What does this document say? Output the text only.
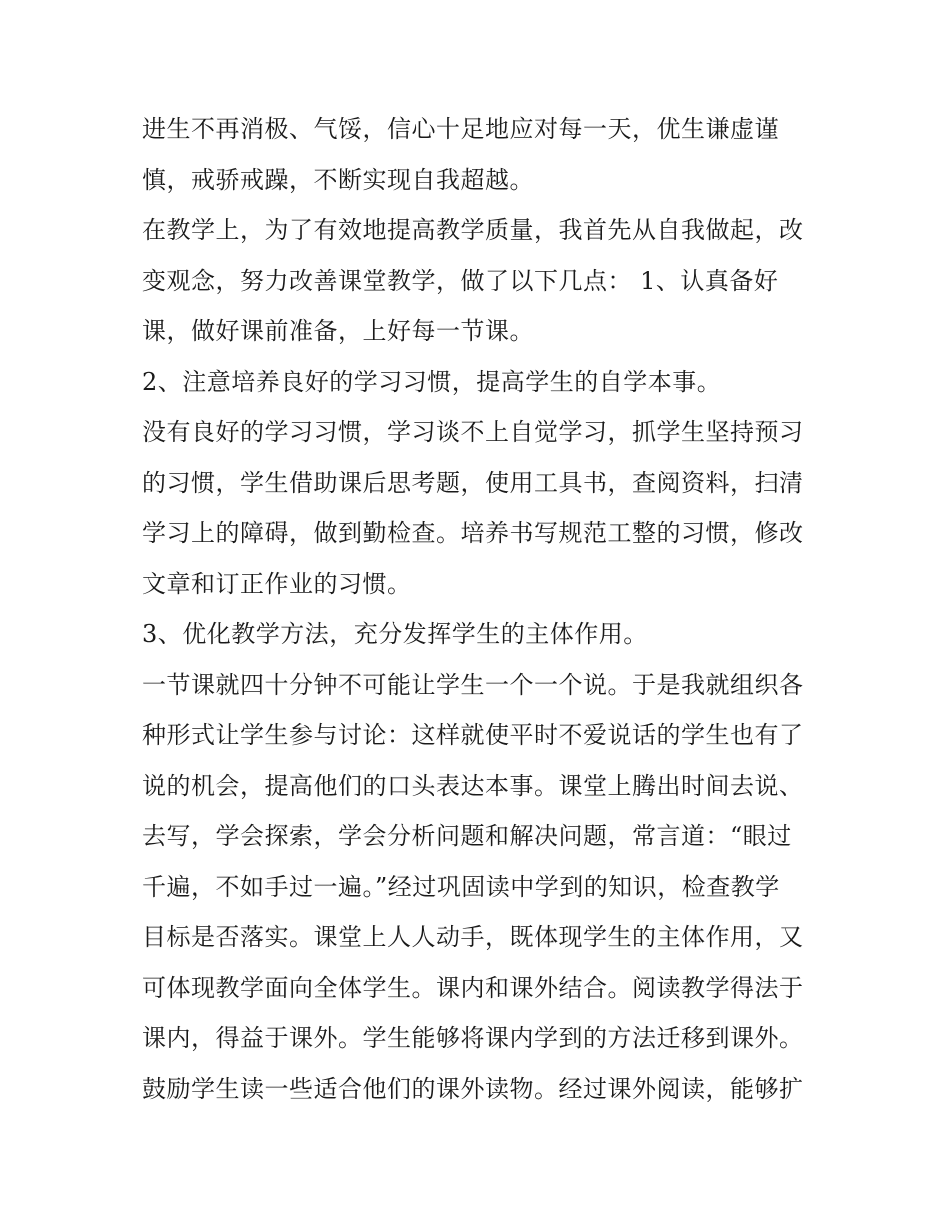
进生不再消极、气馁，信心十足地应对每一天，优生谦虚谨
慎，戒骄戒躁，不断实现自我超越。
在教学上，为了有效地提高教学质量，我首先从自我做起，改
变观念，努力改善课堂教学，做了以下几点： 1、认真备好
课，做好课前准备，上好每一节课。
2、注意培养良好的学习习惯，提高学生的自学本事。
没有良好的学习习惯，学习谈不上自觉学习，抓学生坚持预习
的习惯，学生借助课后思考题，使用工具书，查阅资料，扫清
学习上的障碍，做到勤检查。培养书写规范工整的习惯，修改
文章和订正作业的习惯。
3、优化教学方法，充分发挥学生的主体作用。
一节课就四十分钟不可能让学生一个一个说。于是我就组织各
种形式让学生参与讨论：这样就使平时不爱说话的学生也有了
说的机会，提高他们的口头表达本事。课堂上腾出时间去说、
去写，学会探索，学会分析问题和解决问题，常言道：“眼过
千遍，不如手过一遍。”经过巩固读中学到的知识，检查教学
目标是否落实。课堂上人人动手，既体现学生的主体作用，又
可体现教学面向全体学生。课内和课外结合。阅读教学得法于
课内，得益于课外。学生能够将课内学到的方法迁移到课外。
鼓励学生读一些适合他们的课外读物。经过课外阅读，能够扩
